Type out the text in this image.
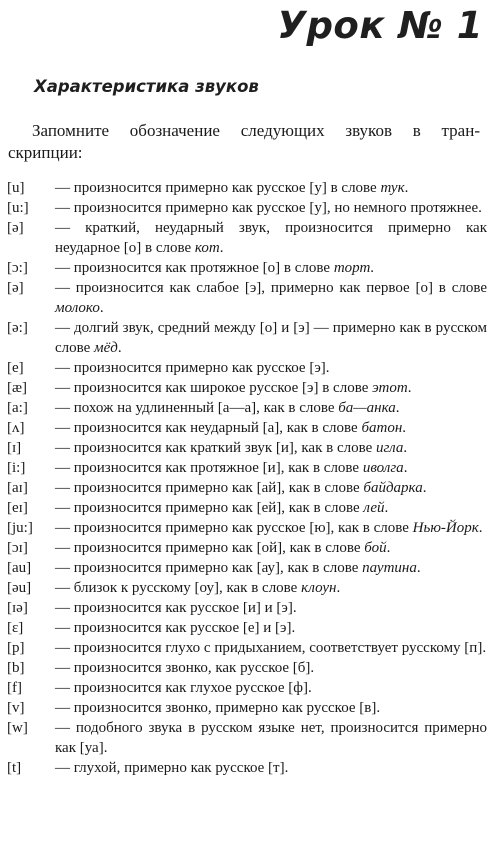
Урок № 1
Характеристика звуков
Запомните обозначение следующих звуков в тран-
скрипции:
[u]	— произносится примерно как русское [у] в слове тук.
[u:]	— произносится примерно как русское [у], но немного протяжнее.
[ə]	— краткий, неударный звук, произносится примерно как неударное [о] в слове кот.
[ɔ:]	— произносится как протяжное [о] в слове торт.
[ə]	— произносится как слабое [э], примерно как первое [о] в слове молоко.
[ə:]	— долгий звук, средний между [о] и [э] — примерно как в русском слове мёд.
[e]	— произносится примерно как русское [э].
[æ]	— произносится как широкое русское [э] в слове этот.
[a:]	— похож на удлиненный [а—а], как в слове ба—анка.
[ʌ]	— произносится как неударный [а], как в слове батон.
[ɪ]	— произносится как краткий звук [и], как в слове игла.
[i:]	— произносится как протяжное [и], как в слове иволга.
[aɪ]	— произносится примерно как [ай], как в слове байдарка.
[eɪ]	— произносится примерно как [ей], как в слове лей.
[ju:]	— произносится примерно как русское [ю], как в слове Нью-Йорк.
[ɔɪ]	— произносится примерно как [ой], как в слове бой.
[au]	— произносится примерно как [ау], как в слове паутина.
[əu]	— близок к русскому [оу], как в слове клоун.
[ɪə]	— произносится как русское [и] и [э].
[ɛ]	— произносится как русское [е] и [э].
[p]	— произносится глухо с придыханием, соответствует русскому [п].
[b]	— произносится звонко, как русское [б].
[f]	— произносится как глухое русское [ф].
[v]	— произносится звонко, примерно как русское [в].
[w]	— подобного звука в русском языке нет, произносится примерно как [уа].
[t]	— глухой, примерно как русское [т].
